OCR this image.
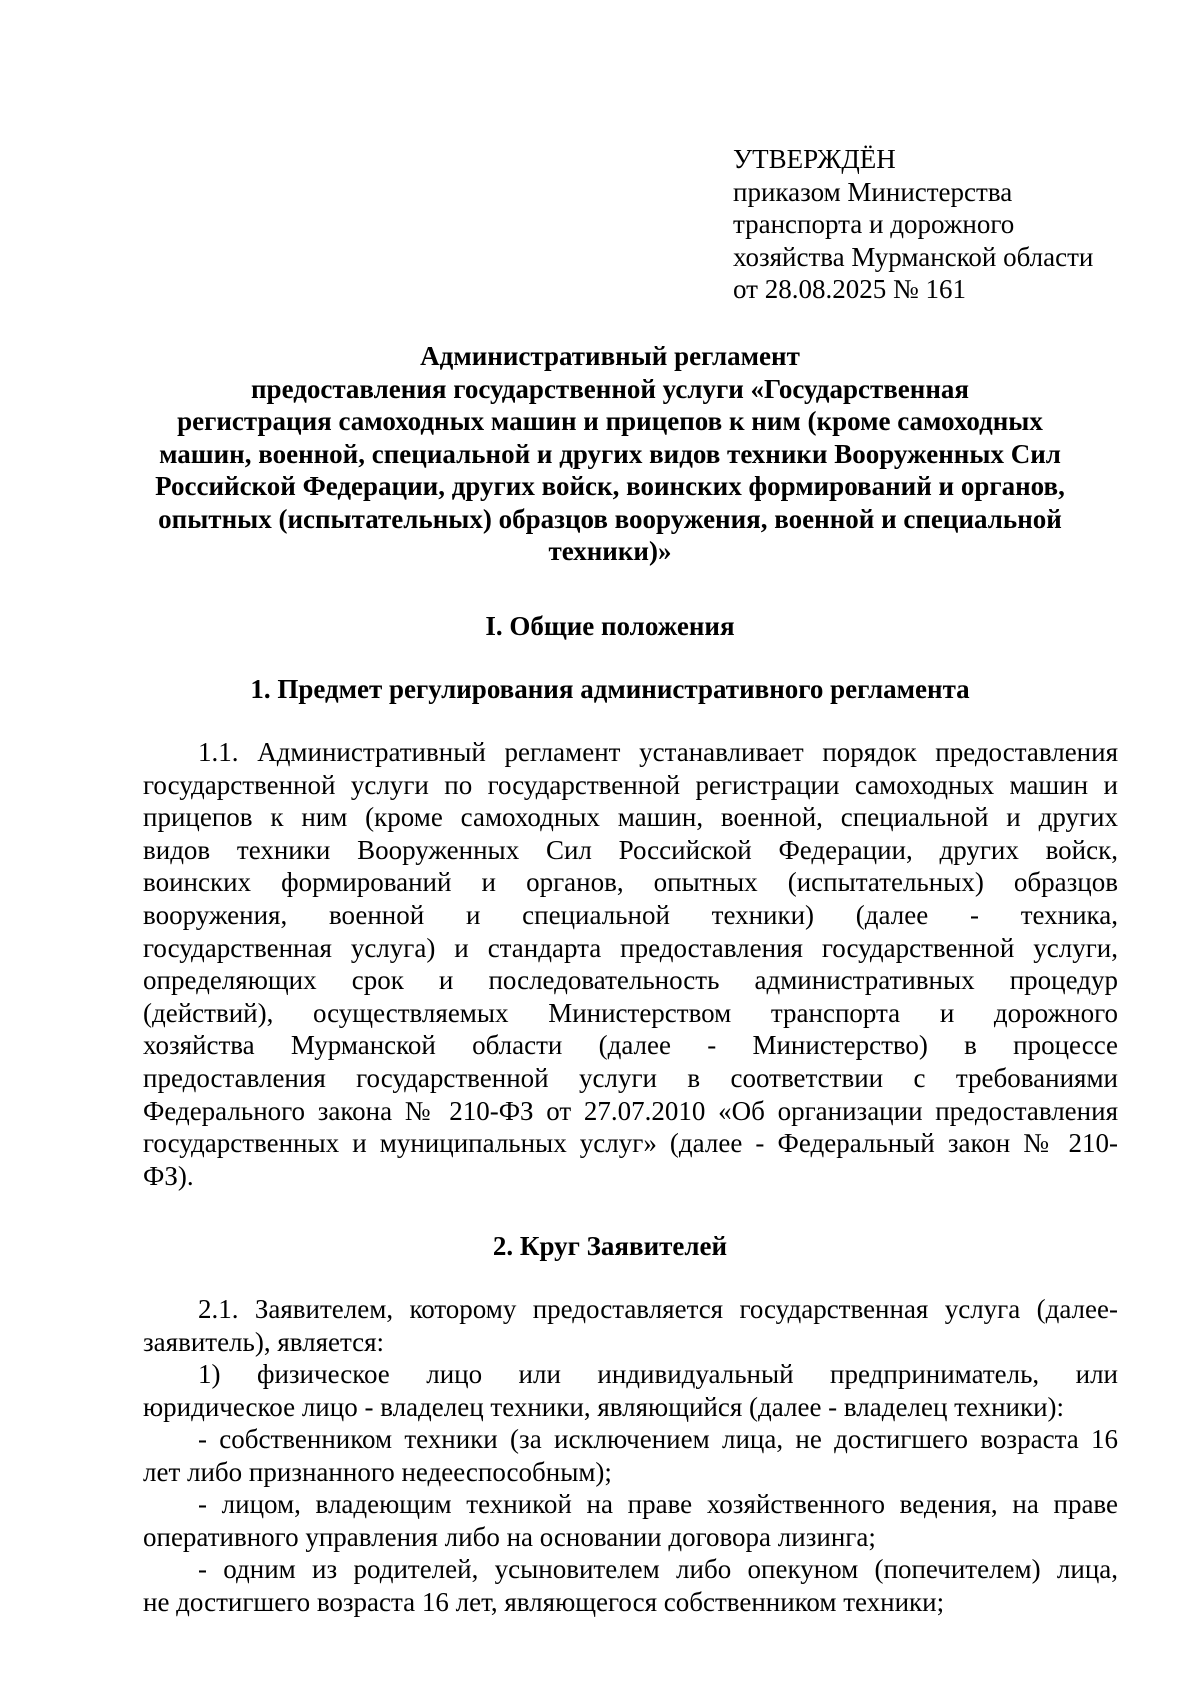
УТВЕРЖДЁН
приказом Министерства
транспорта и дорожного
хозяйства Мурманской области
от 28.08.2025 № 161
Административный регламент
предоставления государственной услуги «Государственная
регистрация самоходных машин и прицепов к ним (кроме самоходных
машин, военной, специальной и других видов техники Вооруженных Сил
Российской Федерации, других войск, воинских формирований и органов,
опытных (испытательных) образцов вооружения, военной и специальной
техники)»
I. Общие положения
1. Предмет регулирования административного регламента
1.1. Административный регламент устанавливает порядок предоставления
государственной услуги по государственной регистрации самоходных машин и
прицепов к ним (кроме самоходных машин, военной, специальной и других
видов техники Вооруженных Сил Российской Федерации, других войск,
воинских формирований и органов, опытных (испытательных) образцов
вооружения, военной и специальной техники) (далее - техника,
государственная услуга) и стандарта предоставления государственной услуги,
определяющих срок и последовательность административных процедур
(действий), осуществляемых Министерством транспорта и дорожного
хозяйства Мурманской области (далее - Министерство) в процессе
предоставления государственной услуги в соответствии с требованиями
Федерального закона № 210-ФЗ от 27.07.2010 «Об организации предоставления
государственных и муниципальных услуг» (далее - Федеральный закон № 210-
ФЗ).
2. Круг Заявителей
2.1. Заявителем, которому предоставляется государственная услуга (далее-
заявитель), является:
1) физическое лицо или индивидуальный предприниматель, или
юридическое лицо - владелец техники, являющийся (далее - владелец техники):
- собственником техники (за исключением лица, не достигшего возраста 16
лет либо признанного недееспособным);
- лицом, владеющим техникой на праве хозяйственного ведения, на праве
оперативного управления либо на основании договора лизинга;
- одним из родителей, усыновителем либо опекуном (попечителем) лица,
не достигшего возраста 16 лет, являющегося собственником техники;
